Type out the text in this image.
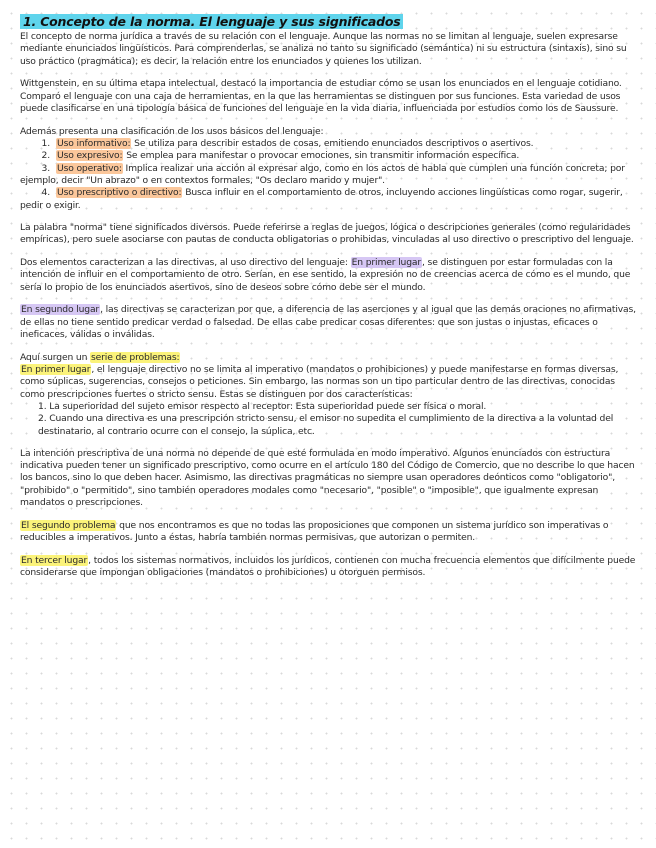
1. Concepto de la norma. El lenguaje y sus significados

El concepto de norma jurídica a través de su relación con el lenguaje. Aunque las normas no se limitan al lenguaje, suelen expresarse mediante enunciados lingüísticos. Para comprenderlas, se analiza no tanto su significado (semántica) ni su estructura (sintaxis), sino su uso práctico (pragmática); es decir, la relación entre los enunciados y quienes los utilizan.

Wittgenstein, en su última etapa intelectual, destacó la importancia de estudiar cómo se usan los enunciados en el lenguaje cotidiano. Comparó el lenguaje con una caja de herramientas, en la que las herramientas se distinguen por sus funciones. Esta variedad de usos puede clasificarse en una tipología básica de funciones del lenguaje en la vida diaria, influenciada por estudios como los de Saussure.

Además presenta una clasificación de los usos básicos del lenguaje:

1. Uso informativo: Se utiliza para describir estados de cosas, emitiendo enunciados descriptivos o asertivos.
2. Uso expresivo: Se emplea para manifestar o provocar emociones, sin transmitir información específica.
3. Uso operativo: Implica realizar una acción al expresar algo, como en los actos de habla que cumplen una función concreta; por ejemplo, decir "Un abrazo" o en contextos formales, "Os declaro marido y mujer".
4. Uso prescriptivo o directivo: Busca influir en el comportamiento de otros, incluyendo acciones lingüísticas como rogar, sugerir, pedir o exigir.

La palabra "norma" tiene significados diversos. Puede referirse a reglas de juegos, lógica o descripciones generales (como regularidades empíricas), pero suele asociarse con pautas de conducta obligatorias o prohibidas, vinculadas al uso directivo o prescriptivo del lenguaje.

Dos elementos caracterizan a las directivas, al uso directivo del lenguaje: En primer lugar, se distinguen por estar formuladas con la intención de influir en el comportamiento de otro. Serían, en ese sentido, la expresión no de creencias acerca de cómo es el mundo, que sería lo propio de los enunciados asertivos, sino de deseos sobre cómo debe ser el mundo.

En segundo lugar, las directivas se caracterizan por que, a diferencia de las aserciones y al igual que las demás oraciones no afirmativas, de ellas no tiene sentido predicar verdad o falsedad. De ellas cabe predicar cosas diferentes: que son justas o injustas, eficaces o ineficaces, válidas o inválidas.

Aquí surgen un serie de problemas:

En primer lugar, el lenguaje directivo no se limita al imperativo (mandatos o prohibiciones) y puede manifestarse en formas diversas, como súplicas, sugerencias, consejos o peticiones. Sin embargo, las normas son un tipo particular dentro de las directivas, conocidas como prescripciones fuertes o stricto sensu. Estas se distinguen por dos características:

1. La superioridad del sujeto emisor respecto al receptor: Esta superioridad puede ser física o moral.

2. Cuando una directiva es una prescripción stricto sensu, el emisor no supedita el cumplimiento de la directiva a la voluntad del destinatario, al contrario ocurre con el consejo, la súplica, etc.

La intención prescriptiva de una norma no depende de que esté formulada en modo imperativo. Algunos enunciados con estructura indicativa pueden tener un significado prescriptivo, como ocurre en el artículo 180 del Código de Comercio, que no describe lo que hacen los bancos, sino lo que deben hacer. Asimismo, las directivas pragmáticas no siempre usan operadores deónticos como "obligatorio", "prohibido" o "permitido", sino también operadores modales como "necesario", "posible" o "imposible", que igualmente expresan mandatos o prescripciones.

El segundo problema que nos encontramos es que no todas las proposiciones que componen un sistema jurídico son imperativas o reducibles a imperativos. Junto a éstas, habría también normas permisivas, que autorizan o permiten.

En tercer lugar, todos los sistemas normativos, incluidos los jurídicos, contienen con mucha frecuencia elementos que difícilmente puede considerarse que impongan obligaciones (mandatos o prohibiciones) u otorguen permisos.
